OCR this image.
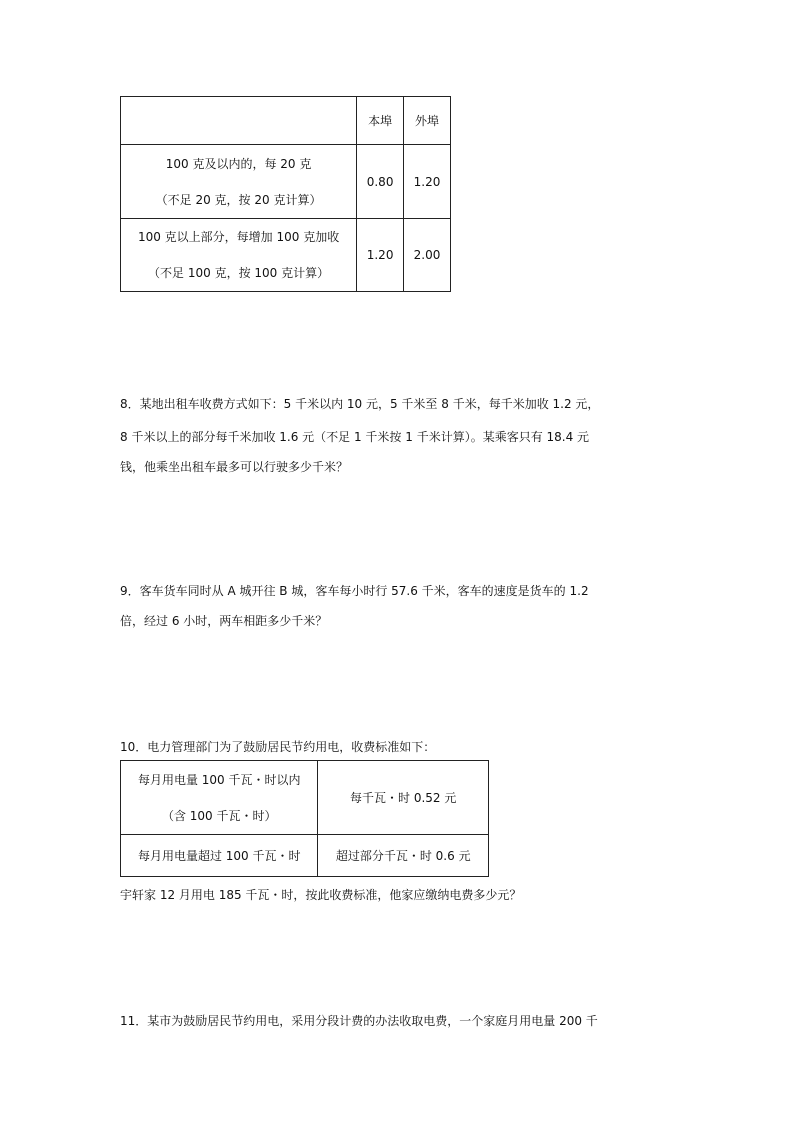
	本埠	外埠

100 克及以内的，每 20 克
（不足 20 克，按 20 克计算）	0.80	1.20

100 克以上部分，每增加 100 克加收
（不足 100 克，按 100 克计算）	1.20	2.00
8．某地出租车收费方式如下：5 千米以内 10 元，5 千米至 8 千米，每千米加收 1.2 元，
8 千米以上的部分每千米加收 1.6 元（不足 1 千米按 1 千米计算）。某乘客只有 18.4 元
钱，他乘坐出租车最多可以行驶多少千米？
9．客车货车同时从 A 城开往 B 城，客车每小时行 57.6 千米，客车的速度是货车的 1.2
倍，经过 6 小时，两车相距多少千米？
10．电力管理部门为了鼓励居民节约用电，收费标准如下：
每月用电量 100 千瓦・时以内
（含 100 千瓦・时）	每千瓦・时 0.52 元
每月用电量超过 100 千瓦・时	超过部分千瓦・时 0.6 元
宇轩家 12 月用电 185 千瓦・时，按此收费标准，他家应缴纳电费多少元？
11．某市为鼓励居民节约用电，采用分段计费的办法收取电费，一个家庭月用电量 200 千
